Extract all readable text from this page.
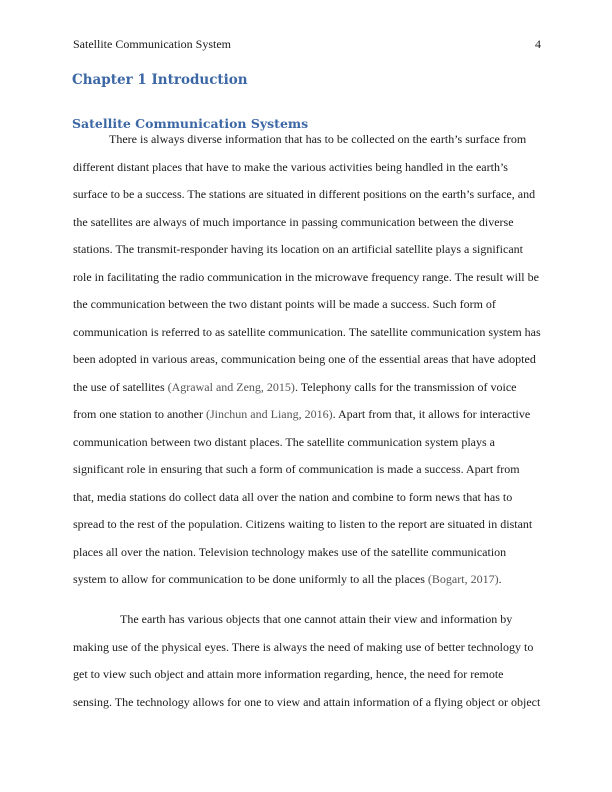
Satellite Communication System	4
Chapter 1 Introduction
Satellite Communication Systems
There is always diverse information that has to be collected on the earth’s surface from
different distant places that have to make the various activities being handled in the earth’s
surface to be a success. The stations are situated in different positions on the earth’s surface, and
the satellites are always of much importance in passing communication between the diverse
stations. The transmit-responder having its location on an artificial satellite plays a significant
role in facilitating the radio communication in the microwave frequency range. The result will be
the communication between the two distant points will be made a success. Such form of
communication is referred to as satellite communication. The satellite communication system has
been adopted in various areas, communication being one of the essential areas that have adopted
the use of satellites (Agrawal and Zeng, 2015). Telephony calls for the transmission of voice
from one station to another (Jinchun and Liang, 2016). Apart from that, it allows for interactive
communication between two distant places. The satellite communication system plays a
significant role in ensuring that such a form of communication is made a success. Apart from
that, media stations do collect data all over the nation and combine to form news that has to
spread to the rest of the population. Citizens waiting to listen to the report are situated in distant
places all over the nation. Television technology makes use of the satellite communication
system to allow for communication to be done uniformly to all the places (Bogart, 2017).
The earth has various objects that one cannot attain their view and information by
making use of the physical eyes. There is always the need of making use of better technology to
get to view such object and attain more information regarding, hence, the need for remote
sensing. The technology allows for one to view and attain information of a flying object or object
